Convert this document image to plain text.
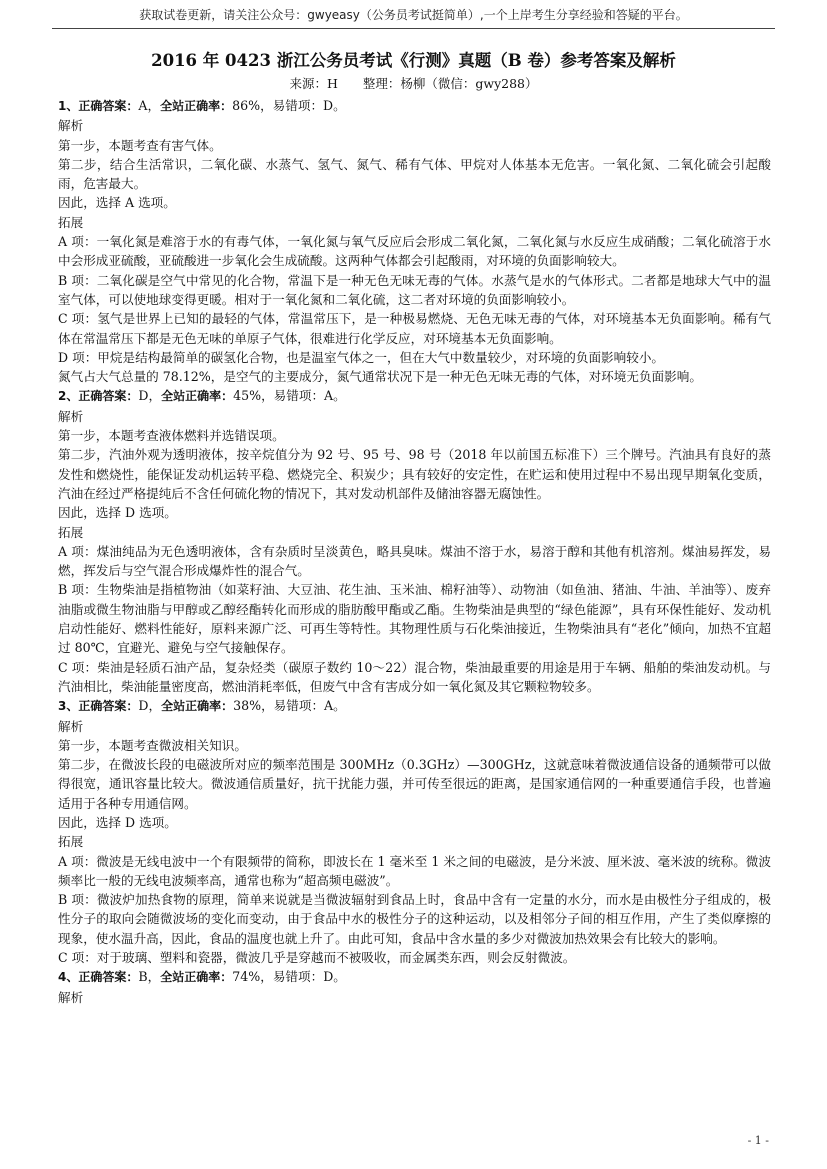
获取试卷更新，请关注公众号：gwyeasy（公务员考试挺简单）,一个上岸考生分享经验和答疑的平台。
2016 年 0423 浙江公务员考试《行测》真题（B 卷）参考答案及解析
来源：H　　整理：杨柳（微信：gwy288）

1、正确答案：A，全站正确率：86%，易错项：D。

解析

第一步，本题考查有害气体。

第二步，结合生活常识，二氧化碳、水蒸气、氢气、氮气、稀有气体、甲烷对人体基本无危害。一氧化氮、二氧化硫会引起酸雨，危害最大。

因此，选择 A 选项。

拓展

A 项：一氧化氮是难溶于水的有毒气体，一氧化氮与氧气反应后会形成二氧化氮，二氧化氮与水反应生成硝酸；二氧化硫溶于水中会形成亚硫酸，亚硫酸进一步氧化会生成硫酸。这两种气体都会引起酸雨，对环境的负面影响较大。

B 项：二氧化碳是空气中常见的化合物，常温下是一种无色无味无毒的气体。水蒸气是水的气体形式。二者都是地球大气中的温室气体，可以使地球变得更暖。相对于一氧化氮和二氧化硫，这二者对环境的负面影响较小。

C 项：氢气是世界上已知的最轻的气体，常温常压下，是一种极易燃烧、无色无味无毒的气体，对环境基本无负面影响。稀有气体在常温常压下都是无色无味的单原子气体，很难进行化学反应，对环境基本无负面影响。

D 项：甲烷是结构最简单的碳氢化合物，也是温室气体之一，但在大气中数量较少，对环境的负面影响较小。

氮气占大气总量的 78.12%，是空气的主要成分，氮气通常状况下是一种无色无味无毒的气体，对环境无负面影响。

2、正确答案：D，全站正确率：45%，易错项：A。

解析

第一步，本题考查液体燃料并选错误项。

第二步，汽油外观为透明液体，按辛烷值分为 92 号、95 号、98 号（2018 年以前国五标准下）三个牌号。汽油具有良好的蒸发性和燃烧性，能保证发动机运转平稳、燃烧完全、积炭少；具有较好的安定性，在贮运和使用过程中不易出现早期氧化变质，汽油在经过严格提纯后不含任何硫化物的情况下，其对发动机部件及储油容器无腐蚀性。

因此，选择 D 选项。

拓展

A 项：煤油纯品为无色透明液体，含有杂质时呈淡黄色，略具臭味。煤油不溶于水，易溶于醇和其他有机溶剂。煤油易挥发，易燃，挥发后与空气混合形成爆炸性的混合气。

B 项：生物柴油是指植物油（如菜籽油、大豆油、花生油、玉米油、棉籽油等）、动物油（如鱼油、猪油、牛油、羊油等）、废弃油脂或微生物油脂与甲醇或乙醇经酯转化而形成的脂肪酸甲酯或乙酯。生物柴油是典型的“绿色能源”，具有环保性能好、发动机启动性能好、燃料性能好，原料来源广泛、可再生等特性。其物理性质与石化柴油接近，生物柴油具有“老化”倾向，加热不宜超过 80℃，宜避光、避免与空气接触保存。

C 项：柴油是轻质石油产品，复杂烃类（碳原子数约 10～22）混合物，柴油最重要的用途是用于车辆、船舶的柴油发动机。与汽油相比，柴油能量密度高，燃油消耗率低，但废气中含有害成分如一氧化氮及其它颗粒物较多。

3、正确答案：D，全站正确率：38%，易错项：A。

解析

第一步，本题考查微波相关知识。

第二步，在微波长段的电磁波所对应的频率范围是 300MHz（0.3GHz）—300GHz，这就意味着微波通信设备的通频带可以做得很宽，通讯容量比较大。微波通信质量好，抗干扰能力强，并可传至很远的距离，是国家通信网的一种重要通信手段，也普遍适用于各种专用通信网。

因此，选择 D 选项。

拓展

A 项：微波是无线电波中一个有限频带的简称，即波长在 1 毫米至 1 米之间的电磁波，是分米波、厘米波、毫米波的统称。微波频率比一般的无线电波频率高，通常也称为“超高频电磁波”。

B 项：微波炉加热食物的原理，简单来说就是当微波辐射到食品上时，食品中含有一定量的水分，而水是由极性分子组成的，极性分子的取向会随微波场的变化而变动，由于食品中水的极性分子的这种运动，以及相邻分子间的相互作用，产生了类似摩擦的现象，使水温升高，因此，食品的温度也就上升了。由此可知，食品中含水量的多少对微波加热效果会有比较大的影响。

C 项：对于玻璃、塑料和瓷器，微波几乎是穿越而不被吸收，而金属类东西，则会反射微波。

4、正确答案：B，全站正确率：74%，易错项：D。

解析

- 1 -
